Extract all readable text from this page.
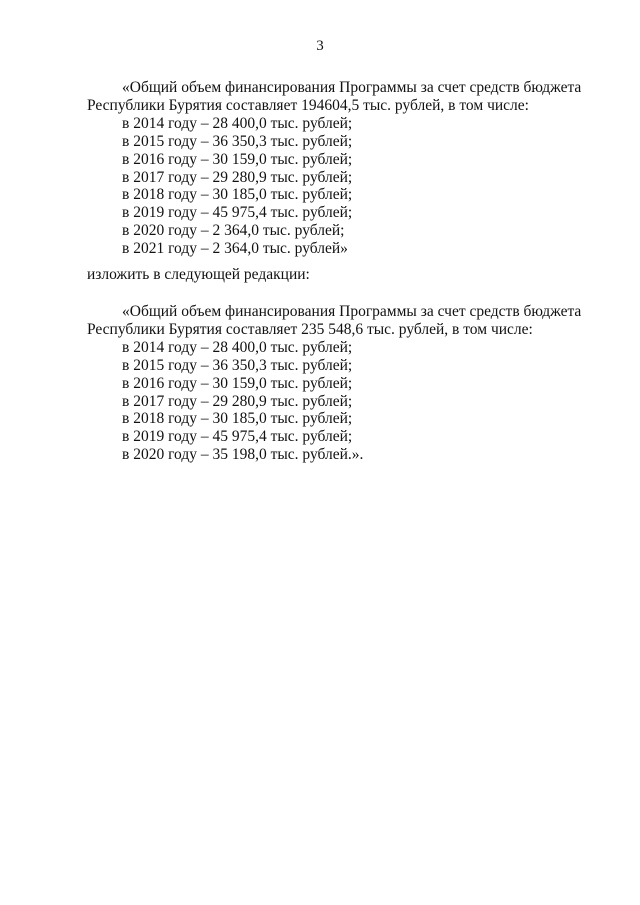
3
«Общий объем финансирования Программы за счет средств бюджета
Республики Бурятия составляет 194604,5 тыс. рублей, в том числе:
в 2014 году – 28 400,0 тыс. рублей;
в 2015 году – 36 350,3 тыс. рублей;
в 2016 году – 30 159,0 тыс. рублей;
в 2017 году – 29 280,9 тыс. рублей;
в 2018 году – 30 185,0 тыс. рублей;
в 2019 году – 45 975,4 тыс. рублей;
в 2020 году – 2 364,0 тыс. рублей;
в 2021 году – 2 364,0 тыс. рублей»
изложить в следующей редакции:
«Общий объем финансирования Программы за счет средств бюджета
Республики Бурятия составляет 235 548,6 тыс. рублей, в том числе:
в 2014 году – 28 400,0 тыс. рублей;
в 2015 году – 36 350,3 тыс. рублей;
в 2016 году – 30 159,0 тыс. рублей;
в 2017 году – 29 280,9 тыс. рублей;
в 2018 году – 30 185,0 тыс. рублей;
в 2019 году – 45 975,4 тыс. рублей;
в 2020 году – 35 198,0 тыс. рублей.».
